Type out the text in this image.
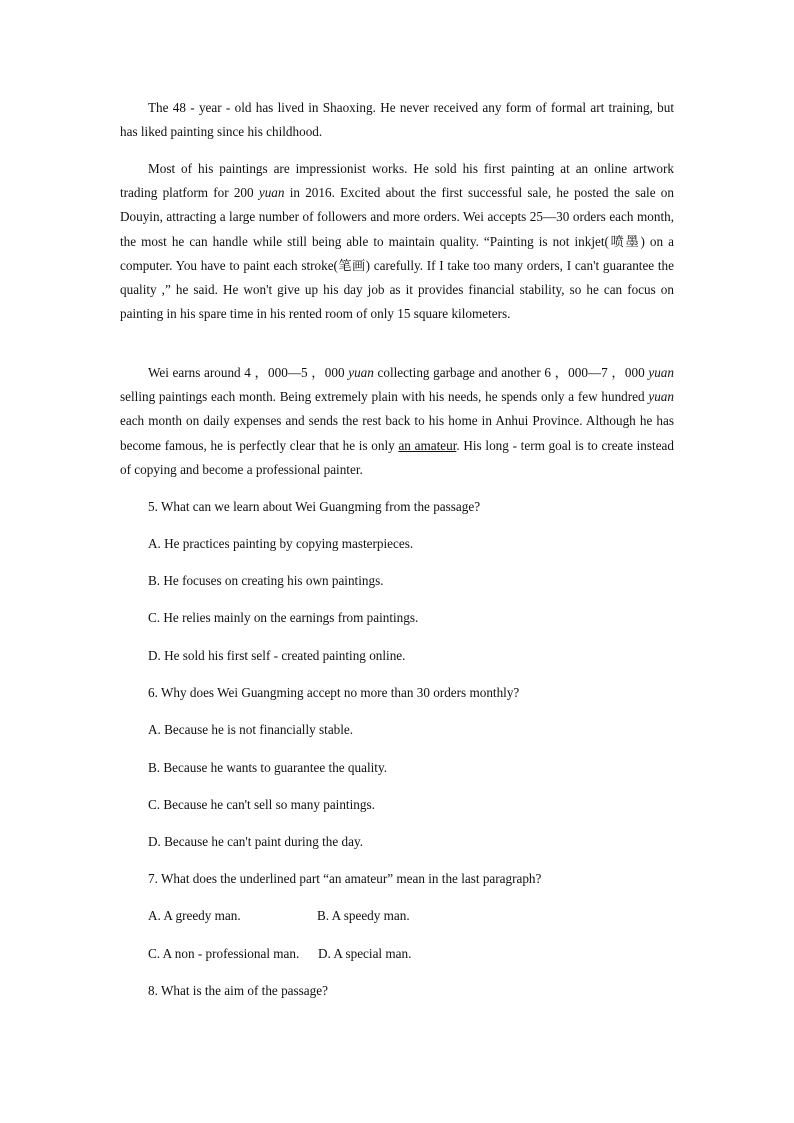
The 48 - year - old has lived in Shaoxing. He never received any form of formal art training, but has liked painting since his childhood.

Most of his paintings are impressionist works. He sold his first painting at an online artwork trading platform for 200 yuan in 2016. Excited about the first successful sale, he posted the sale on Douyin, attracting a large number of followers and more orders. Wei accepts 25—30 orders each month, the most he can handle while still being able to maintain quality. “Painting is not inkjet(喷墨) on a computer. You have to paint each stroke(笔画) carefully. If I take too many orders, I can't guarantee the quality ,” he said. He won't give up his day job as it provides financial stability, so he can focus on painting in his spare time in his rented room of only 15 square kilometers.

Wei earns around 4 ，000—5 ，000 yuan collecting garbage and another 6 ，000—7 ，000 yuan selling paintings each month. Being extremely plain with his needs, he spends only a few hundred yuan each month on daily expenses and sends the rest back to his home in Anhui Province. Although he has become famous, he is perfectly clear that he is only an amateur. His long - term goal is to create instead of copying and become a professional painter.

5. What can we learn about Wei Guangming from the passage?

A. He practices painting by copying masterpieces.

B. He focuses on creating his own paintings.

C. He relies mainly on the earnings from paintings.

D. He sold his first self - created painting online.

6. Why does Wei Guangming accept no more than 30 orders monthly?

A. Because he is not financially stable.

B. Because he wants to guarantee the quality.

C. Because he can't sell so many paintings.

D. Because he can't paint during the day.

7. What does the underlined part “an amateur” mean in the last paragraph?

A. A greedy man.	B. A speedy man.

C. A non - professional man. D. A special man.

8. What is the aim of the passage?
